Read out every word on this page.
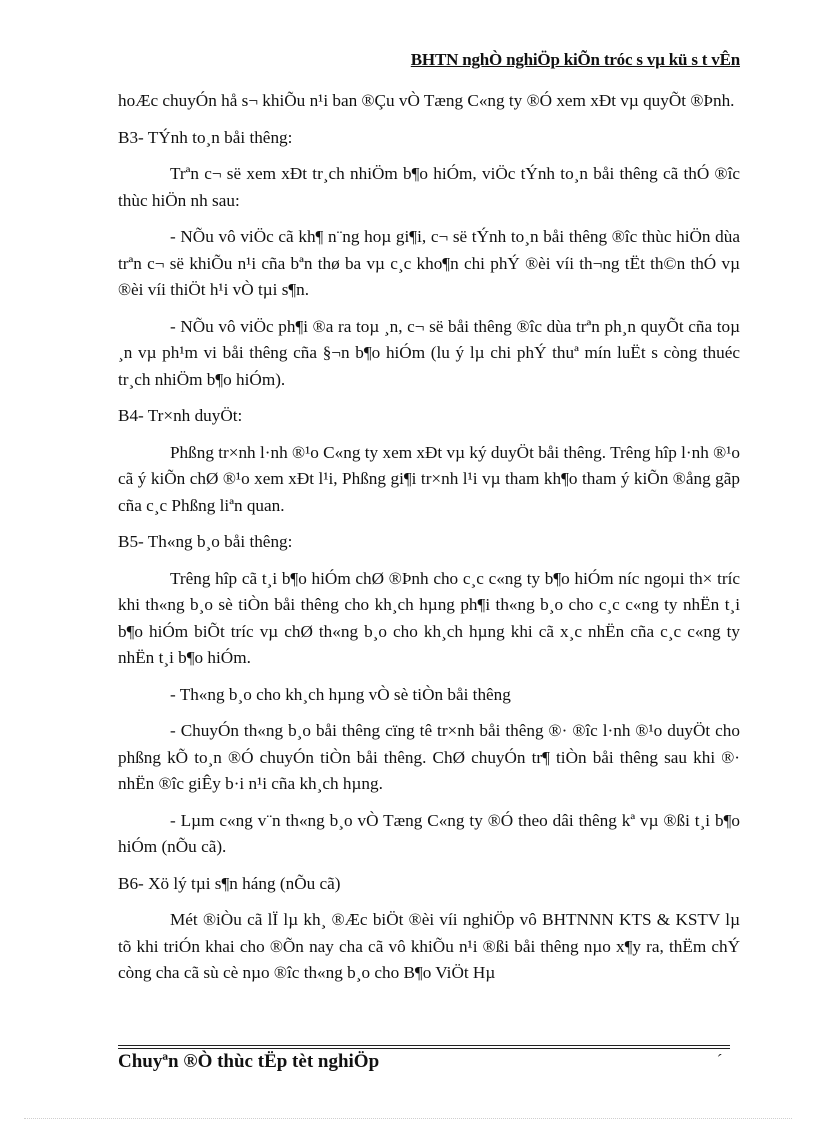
BHTN nghÒ nghiÖp kiÕn tróc s vµ kü s t vÊn

hoÆc chuyÓn hå s¬ khiÕu n¹i ban ®Çu vÒ Tæng C«ng ty ®Ó xem xÐt vµ quyÕt ®Þnh.

B3- TÝnh to¸n båi thêng:

Trªn c¬ së xem xÐt tr¸ch nhiÖm b¶o hiÓm, viÖc tÝnh to¸n båi thêng cã thÓ ®îc thùc hiÖn nh sau:

- NÕu vô viÖc cã kh¶ n¨ng hoµ gi¶i, c¬ së tÝnh to¸n båi thêng ®îc thùc hiÖn dùa trªn c¬ së khiÕu n¹i cña bªn thø ba vµ c¸c kho¶n chi phÝ ®èi víi th¬ng tËt th©n thÓ vµ ®èi víi thiÖt h¹i vÒ tµi s¶n.

- NÕu vô viÖc ph¶i ®a ra toµ ¸n, c¬ së båi thêng ®îc dùa trªn ph¸n quyÕt cña toµ ¸n vµ ph¹m vi båi thêng cña §¬n b¶o hiÓm (lu ý lµ chi phÝ thuª mín luËt s còng thuéc tr¸ch nhiÖm b¶o hiÓm).

B4- Tr×nh duyÖt:

Phßng tr×nh l·nh ®¹o C«ng ty xem xÐt vµ ký duyÖt båi thêng. Trêng hîp l·nh ®¹o cã ý kiÕn chØ ®¹o xem xÐt l¹i, Phßng gi¶i tr×nh l¹i vµ tham kh¶o tham ý kiÕn ®ång gãp cña c¸c Phßng liªn quan.

B5- Th«ng b¸o båi thêng:

Trêng hîp cã t¸i b¶o hiÓm chØ ®Þnh cho c¸c c«ng ty b¶o hiÓm níc ngoµi th× tríc khi th«ng b¸o sè tiÒn båi thêng cho kh¸ch hµng ph¶i th«ng b¸o cho c¸c c«ng ty nhËn t¸i b¶o hiÓm biÕt tríc vµ chØ th«ng b¸o cho kh¸ch hµng khi cã x¸c nhËn cña c¸c c«ng ty nhËn t¸i b¶o hiÓm.

- Th«ng b¸o cho kh¸ch hµng vÒ sè tiÒn båi thêng

- ChuyÓn th«ng b¸o båi thêng cïng tê tr×nh båi thêng ®· ®îc l·nh ®¹o duyÖt cho phßng kÕ to¸n ®Ó chuyÓn tiÒn båi thêng. ChØ chuyÓn tr¶ tiÒn båi thêng sau khi ®· nhËn ®îc giÊy b·i n¹i cña kh¸ch hµng.

- Lµm c«ng v¨n th«ng b¸o vÒ Tæng C«ng ty ®Ó theo dâi thêng kª vµ ®ßi t¸i b¶o hiÓm (nÕu cã).

B6- Xö lý tµi s¶n háng (nÕu cã)

Mét ®iÒu cã lÏ lµ kh¸ ®Æc biÖt ®èi víi nghiÖp vô BHTNNN KTS & KSTV lµ tõ khi triÓn khai cho ®Õn nay cha cã vô khiÕu n¹i ®ßi båi thêng nµo x¶y ra, thËm chÝ còng cha cã sù cè nµo ®îc th«ng b¸o cho B¶o ViÖt Hµ

Chuyªn ®Ò thùc tËp tèt nghiÖp	´
